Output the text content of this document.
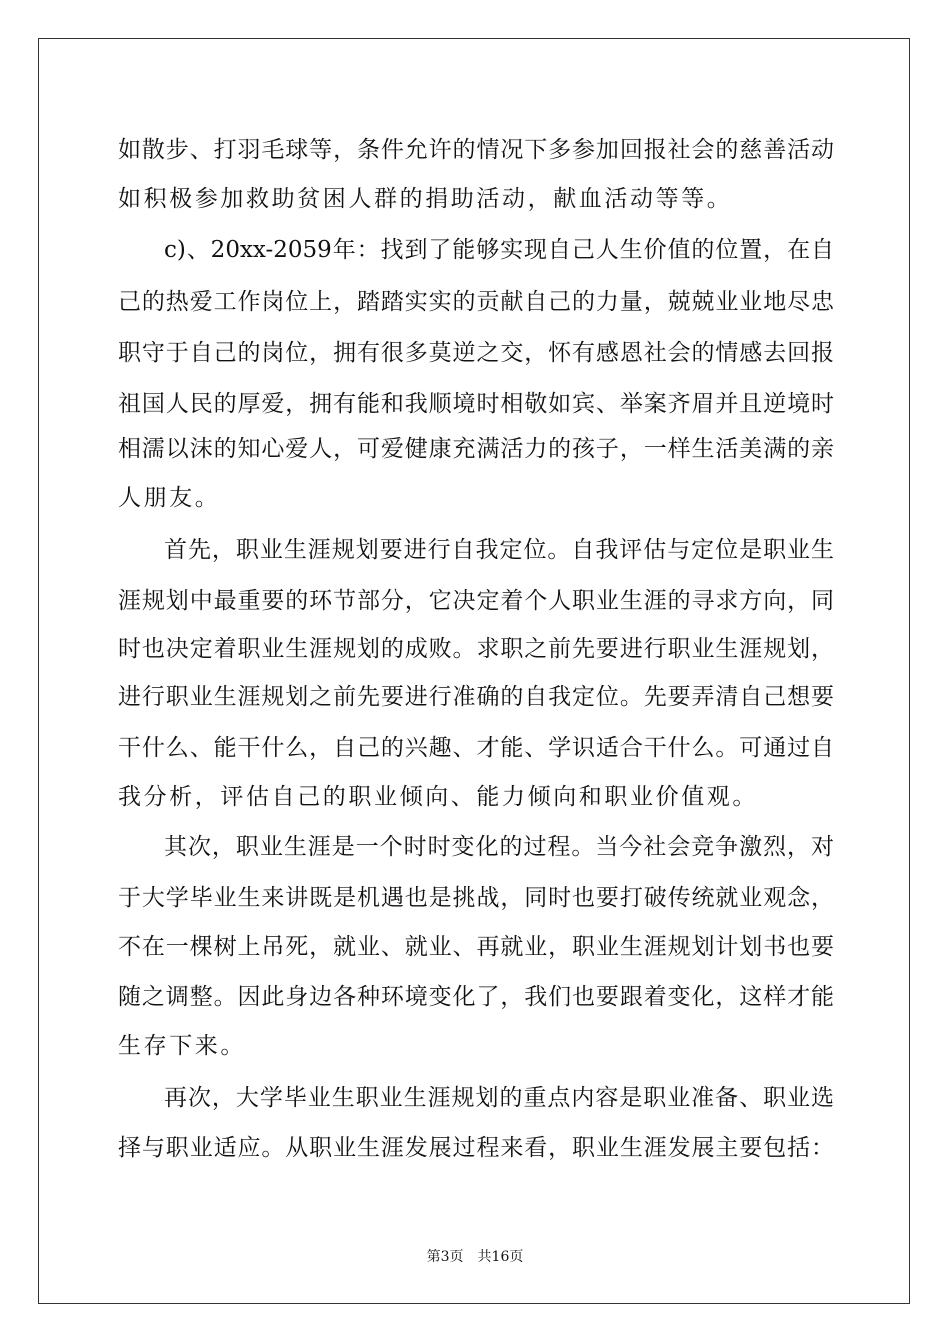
如散步、打羽毛球等，条件允许的情况下多参加回报社会的慈善活动
如积极参加救助贫困人群的捐助活动，献血活动等等。
c)、20xx-2059年：找到了能够实现自己人生价值的位置，在自
己的热爱工作岗位上，踏踏实实的贡献自己的力量，兢兢业业地尽忠
职守于自己的岗位，拥有很多莫逆之交，怀有感恩社会的情感去回报
祖国人民的厚爱，拥有能和我顺境时相敬如宾、举案齐眉并且逆境时
相濡以沫的知心爱人，可爱健康充满活力的孩子，一样生活美满的亲
人朋友。
首先，职业生涯规划要进行自我定位。自我评估与定位是职业生
涯规划中最重要的环节部分，它决定着个人职业生涯的寻求方向，同
时也决定着职业生涯规划的成败。求职之前先要进行职业生涯规划，
进行职业生涯规划之前先要进行准确的自我定位。先要弄清自己想要
干什么、能干什么，自己的兴趣、才能、学识适合干什么。可通过自
我分析，评估自己的职业倾向、能力倾向和职业价值观。
其次，职业生涯是一个时时变化的过程。当今社会竞争激烈，对
于大学毕业生来讲既是机遇也是挑战，同时也要打破传统就业观念，
不在一棵树上吊死，就业、就业、再就业，职业生涯规划计划书也要
随之调整。因此身边各种环境变化了，我们也要跟着变化，这样才能
生存下来。
再次，大学毕业生职业生涯规划的重点内容是职业准备、职业选
择与职业适应。从职业生涯发展过程来看，职业生涯发展主要包括：
第3页　共16页
